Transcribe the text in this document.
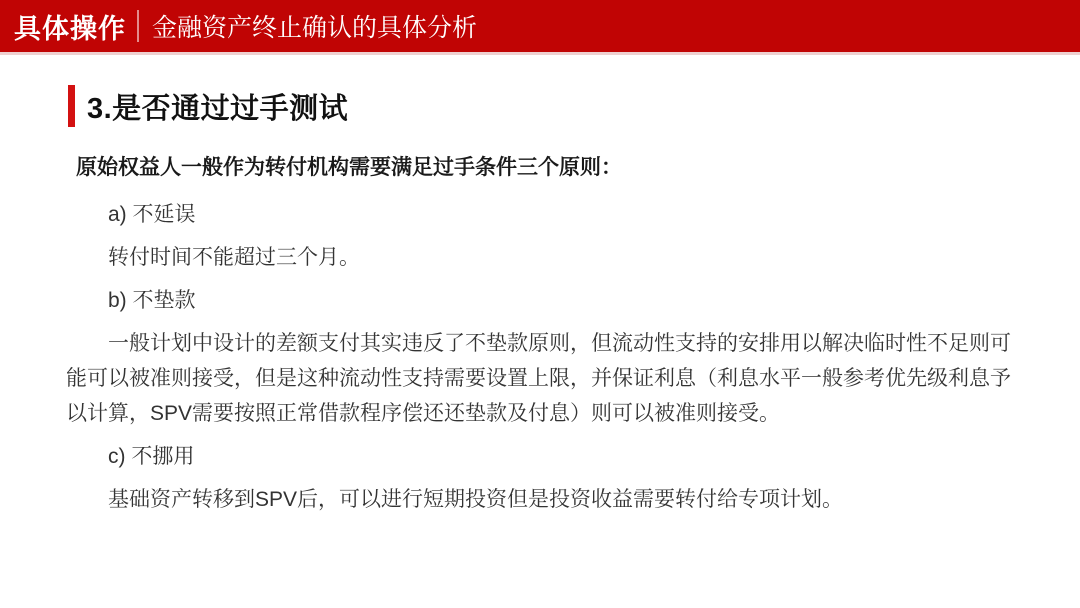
具体操作 金融资产终止确认的具体分析
3.是否通过过手测试

原始权益人一般作为转付机构需要满足过手条件三个原则：

a) 不延误

转付时间不能超过三个月。

b) 不垫款

一般计划中设计的差额支付其实违反了不垫款原则，但流动性支持的安排用以解决临时性不足则可能可以被准则接受，但是这种流动性支持需要设置上限，并保证利息（利息水平一般参考优先级利息予以计算，SPV需要按照正常借款程序偿还还垫款及付息）则可以被准则接受。

c) 不挪用

基础资产转移到SPV后，可以进行短期投资但是投资收益需要转付给专项计划。
